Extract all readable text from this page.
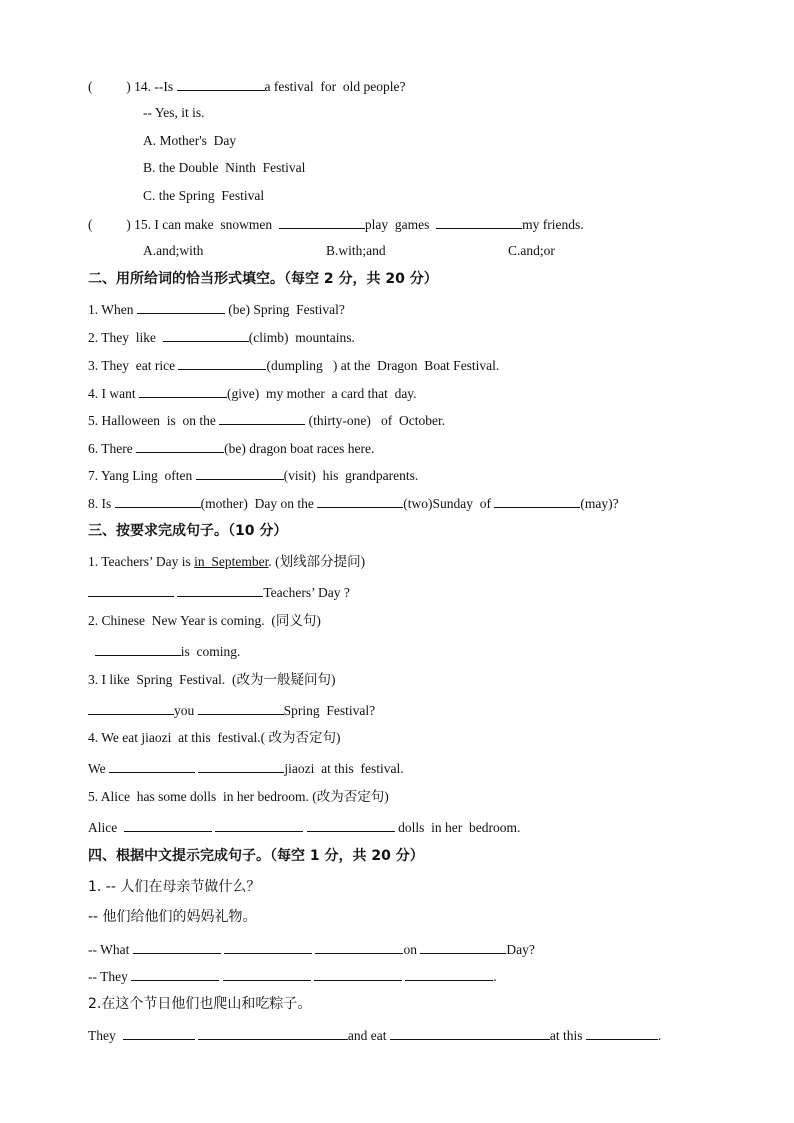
(	) 14. --Is	a festival  for  old people?
-- Yes, it is.
A. Mother's  Day
B. the Double  Ninth  Festival
C. the Spring  Festival
(	) 15. I can make  snowmen	play  games	my friends.
A.and;with	B.with;and	C.and;or
二、用所给词的恰当形式填空。（每空 2 分，共 20 分）
1. When	(be) Spring  Festival?
2. They  like	(climb)  mountains.
3. They  eat rice	(dumpling   ) at the  Dragon  Boat Festival.
4. I want	(give)  my mother  a card that  day.
5. Halloween  is  on the	(thirty-one)   of  October.
6. There	(be) dragon boat races here.
7. Yang Ling  often	(visit)  his  grandparents.
8. Is	(mother)  Day on the	(two)Sunday  of	(may)?
三、按要求完成句子。（10 分）
1. Teachers’ Day is in  September. (划线部分提问)
Teachers’ Day ?
2. Chinese  New Year is coming.  (同义句)
is  coming.
3. I like  Spring  Festival.  (改为一般疑问句)
you	Spring  Festival?
4. We eat jiaozi  at this  festival.( 改为否定句)
We	jiaozi  at this  festival.
5. Alice  has some dolls  in her bedroom. (改为否定句)
Alice	dolls  in her  bedroom.
四、根据中文提示完成句子。（每空 1 分，共 20 分）
1. -- 人们在母亲节做什么？
-- 他们给他们的妈妈礼物。
-- What	on	Day?
-- They	.
2.在这个节日他们也爬山和吃粽子。
They	and eat	at this	.
